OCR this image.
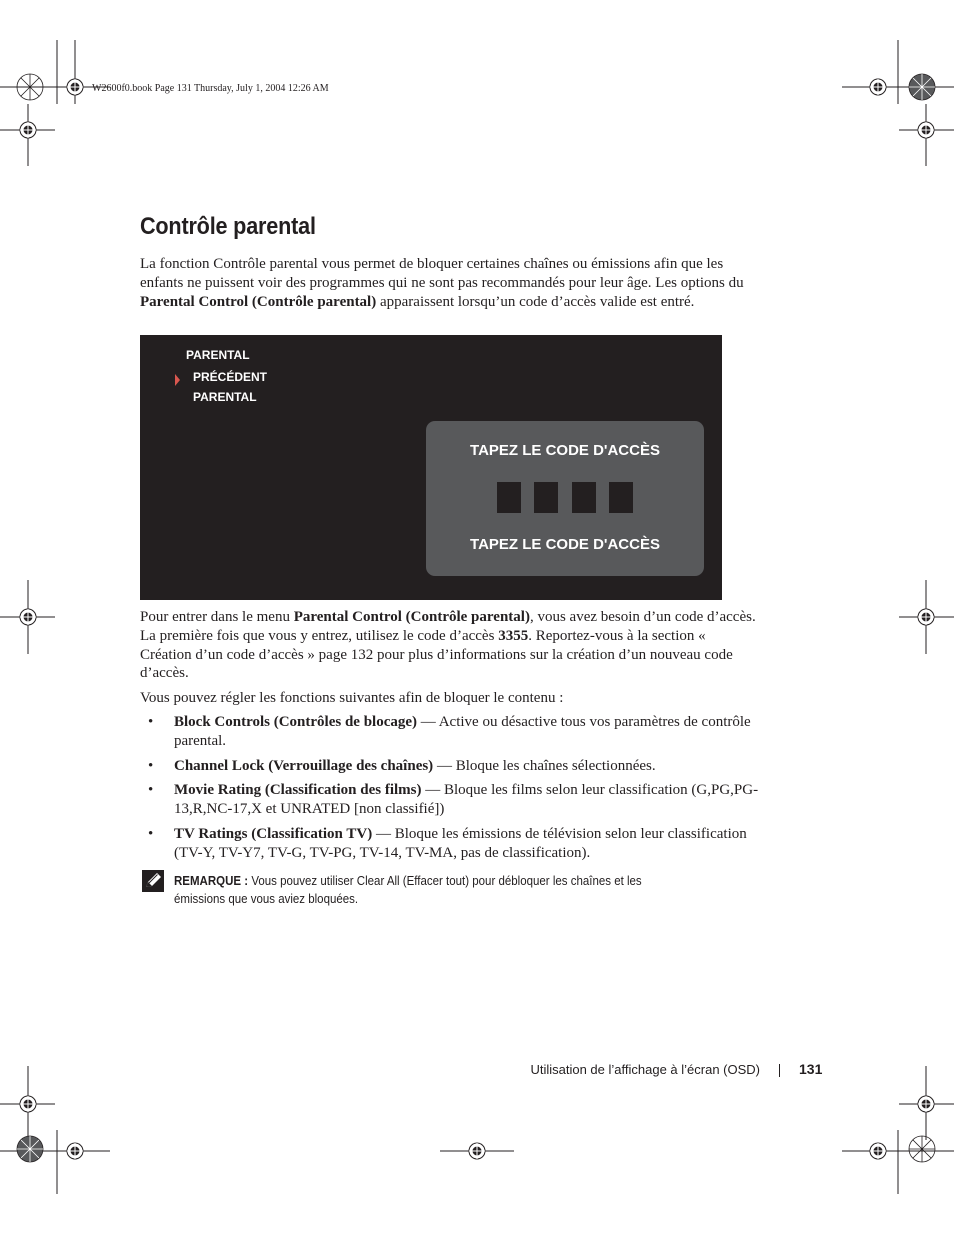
W2600f0.book Page 131 Thursday, July 1, 2004 12:26 AM
Contrôle parental

La fonction Contrôle parental vous permet de bloquer certaines chaînes ou émissions afin que les enfants ne puissent voir des programmes qui ne sont pas recommandés pour leur âge. Les options du Parental Control (Contrôle parental) apparaissent lorsqu’un code d’accès valide est entré.

PARENTAL
PRÉCÉDENT
PARENTAL
TAPEZ LE CODE D'ACCÈS
TAPEZ LE CODE D'ACCÈS

Pour entrer dans le menu Parental Control (Contrôle parental), vous avez besoin d’un code d’accès. La première fois que vous y entrez, utilisez le code d’accès 3355. Reportez-vous à la section « Création d’un code d’accès » page 132 pour plus d’informations sur la création d’un nouveau code d’accès.

Vous pouvez régler les fonctions suivantes afin de bloquer le contenu :

• Block Controls (Contrôles de blocage) — Active ou désactive tous vos paramètres de contrôle parental.
• Channel Lock (Verrouillage des chaînes) — Bloque les chaînes sélectionnées.
• Movie Rating (Classification des films) — Bloque les films selon leur classification (G,PG,PG-13,R,NC-17,X et UNRATED [non classifié])
• TV Ratings (Classification TV) — Bloque les émissions de télévision selon leur classification (TV-Y, TV-Y7, TV-G, TV-PG, TV-14, TV-MA, pas de classification).
REMARQUE : Vous pouvez utiliser Clear All (Effacer tout) pour débloquer les chaînes et les émissions que vous aviez bloquées.
Utilisation de l’affichage à l’écran (OSD)	131
